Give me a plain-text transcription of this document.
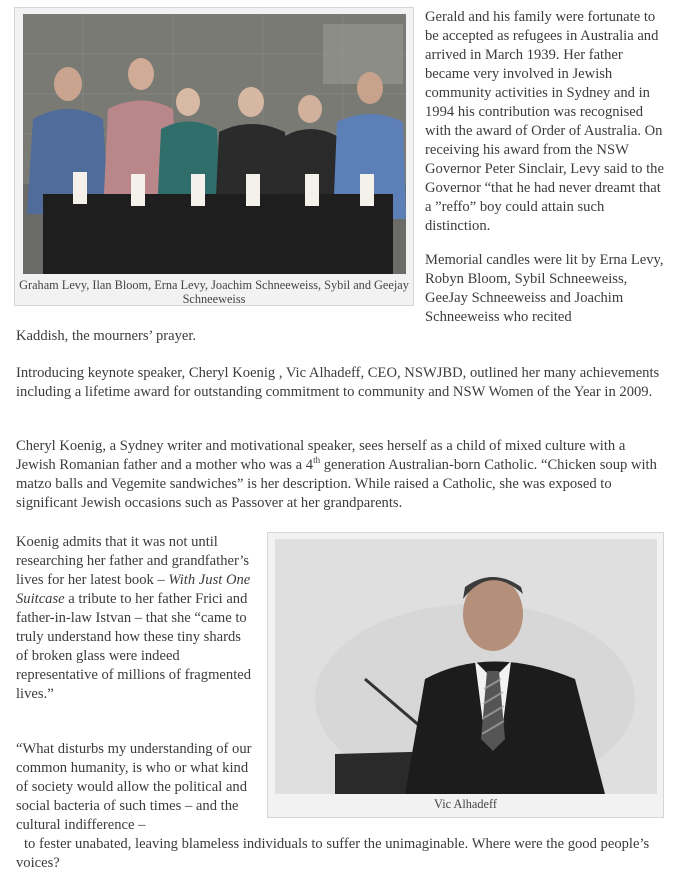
Graham Levy, Ilan Bloom, Erna Levy, Joachim Schneeweiss, Sybil and Geejay Schneeweiss

Gerald and his family were fortunate to be accepted as refugees in Australia and arrived in March 1939. Her father became very involved in Jewish community activities in Sydney and in 1994 his contribution was recognised with the award of Order of Australia. On receiving his award from the NSW Governor Peter Sinclair, Levy said to the Governor “that he had never dreamt that a ”reffo” boy could attain such distinction.

Memorial candles were lit by Erna Levy, Robyn Bloom, Sybil Schneeweiss, GeeJay Schneeweiss and Joachim Schneeweiss who recited

Kaddish, the mourners’ prayer.

Introducing keynote speaker, Cheryl Koenig , Vic Alhadeff, CEO, NSWJBD, outlined her many achievements including a lifetime award for outstanding commitment to community and NSW Women of the Year in 2009.

Cheryl Koenig, a Sydney writer and motivational speaker, sees herself as a child of mixed culture with a Jewish Romanian father and a mother who was a 4th generation Australian-born Catholic. “Chicken soup with matzo balls and Vegemite sandwiches” is her description. While raised a Catholic, she was exposed to significant Jewish occasions such as Passover at her grandparents.

Vic Alhadeff

Koenig admits that it was not until researching her father and grandfather’s lives for her latest book – With Just One Suitcase a tribute to her father Frici and father-in-law Istvan – that she “came to truly understand how these tiny shards of broken glass were indeed representative of millions of fragmented lives.”

“What disturbs my understanding of our common humanity, is who or what kind of society would allow the political and social bacteria of such times – and the cultural indifference –

to fester unabated, leaving blameless individuals to suffer the unimaginable. Where were the good people’s voices?
